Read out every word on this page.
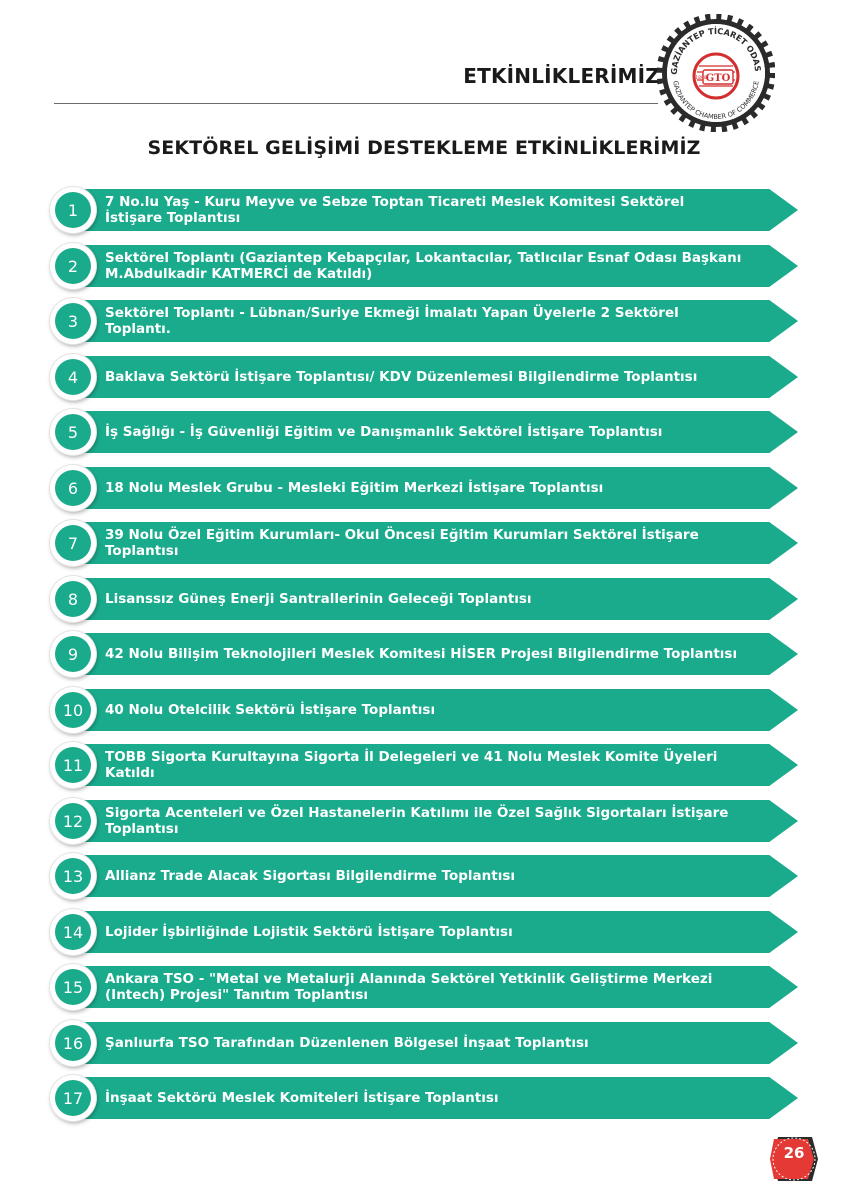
ETKİNLİKLERİMİZ	GAZİANTEP TİCARET ODAS
GAZIANTEP CHAMBER OF COMMERCE
GTO
1898
SEKTÖREL GELİŞİMİ DESTEKLEME ETKİNLİKLERİMİZ
1	7 No.lu Yaş - Kuru Meyve ve Sebze Toptan Ticareti Meslek Komitesi Sektörel İstişare Toplantısı
2	Sektörel Toplantı (Gaziantep Kebapçılar, Lokantacılar, Tatlıcılar Esnaf Odası Başkanı M.Abdulkadir KATMERCİ de Katıldı)
3	Sektörel Toplantı - Lübnan/Suriye Ekmeği İmalatı Yapan Üyelerle 2 Sektörel Toplantı.
4	Baklava Sektörü İstişare Toplantısı/ KDV Düzenlemesi Bilgilendirme Toplantısı
5	İş Sağlığı - İş Güvenliği Eğitim ve Danışmanlık Sektörel İstişare Toplantısı
6	18 Nolu Meslek Grubu - Mesleki Eğitim Merkezi İstişare Toplantısı
7	39 Nolu Özel Eğitim Kurumları- Okul Öncesi Eğitim Kurumları Sektörel İstişare Toplantısı
8	Lisanssız Güneş Enerji Santrallerinin Geleceği Toplantısı
9	42 Nolu Bilişim Teknolojileri Meslek Komitesi HİSER Projesi Bilgilendirme Toplantısı
10	40 Nolu Otelcilik Sektörü İstişare Toplantısı
11	TOBB Sigorta Kurultayına Sigorta İl Delegeleri ve 41 Nolu Meslek Komite Üyeleri Katıldı
12	Sigorta Acenteleri ve Özel Hastanelerin Katılımı ile Özel Sağlık Sigortaları İstişare Toplantısı
13	Allianz Trade Alacak Sigortası Bilgilendirme Toplantısı
14	Lojider İşbirliğinde Lojistik Sektörü İstişare Toplantısı
15	Ankara TSO - "Metal ve Metalurji Alanında Sektörel Yetkinlik Geliştirme Merkezi (Intech) Projesi" Tanıtım Toplantısı
16	Şanlıurfa TSO Tarafından Düzenlenen Bölgesel İnşaat Toplantısı
17	İnşaat Sektörü Meslek Komiteleri İstişare Toplantısı
26
